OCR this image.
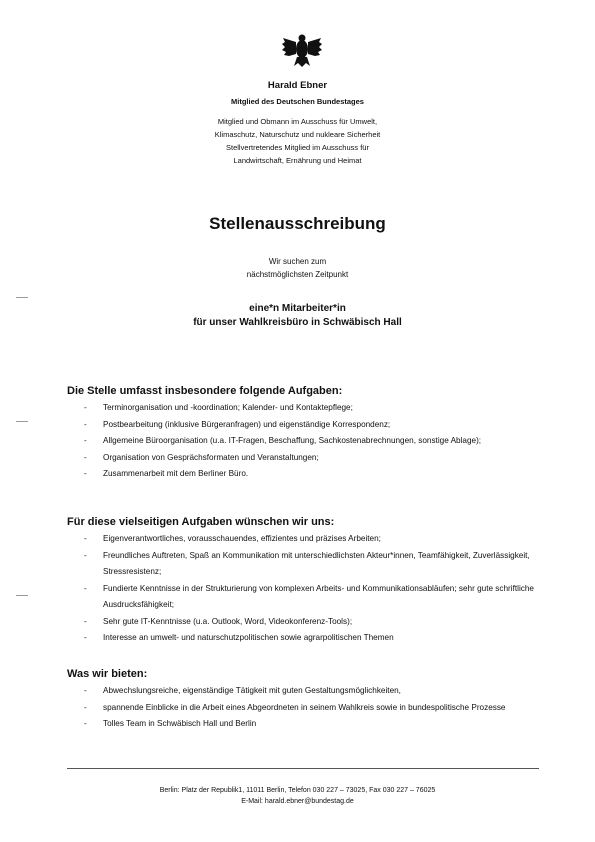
Harald Ebner
Mitglied des Deutschen Bundestages
Mitglied und Obmann im Ausschuss für Umwelt,
Klimaschutz, Naturschutz und nukleare Sicherheit
Stellvertretendes Mitglied im Ausschuss für
Landwirtschaft, Ernährung und Heimat
Stellenausschreibung
Wir suchen zum
nächstmöglichsten Zeitpunkt
eine*n Mitarbeiter*in
für unser Wahlkreisbüro in Schwäbisch Hall
Die Stelle umfasst insbesondere folgende Aufgaben:
- Terminorganisation und -koordination; Kalender- und Kontaktepflege;
- Postbearbeitung (inklusive Bürgeranfragen) und eigenständige Korrespondenz;
- Allgemeine Büroorganisation (u.a. IT-Fragen, Beschaffung, Sachkostenabrechnungen, sonstige Ablage);
- Organisation von Gesprächsformaten und Veranstaltungen;
- Zusammenarbeit mit dem Berliner Büro.
Für diese vielseitigen Aufgaben wünschen wir uns:
- Eigenverantwortliches, vorausschauendes, effizientes und präzises Arbeiten;
- Freundliches Auftreten, Spaß an Kommunikation mit unterschiedlichsten Akteur*innen, Teamfähigkeit, Zuverlässigkeit, Stressresistenz;
- Fundierte Kenntnisse in der Strukturierung von komplexen Arbeits- und Kommunikationsabläufen; sehr gute schriftliche Ausdrucksfähigkeit;
- Sehr gute IT-Kenntnisse (u.a. Outlook, Word, Videokonferenz-Tools);
- Interesse an umwelt- und naturschutzpolitischen sowie agrarpolitischen Themen
Was wir bieten:
- Abwechslungsreiche, eigenständige Tätigkeit mit guten Gestaltungsmöglichkeiten,
- spannende Einblicke in die Arbeit eines Abgeordneten in seinem Wahlkreis sowie in bundespolitische Prozesse
- Tolles Team in Schwäbisch Hall und Berlin
Berlin: Platz der Republik1, 11011 Berlin, Telefon 030 227 – 73025, Fax 030 227 – 76025
E-Mail: harald.ebner@bundestag.de
